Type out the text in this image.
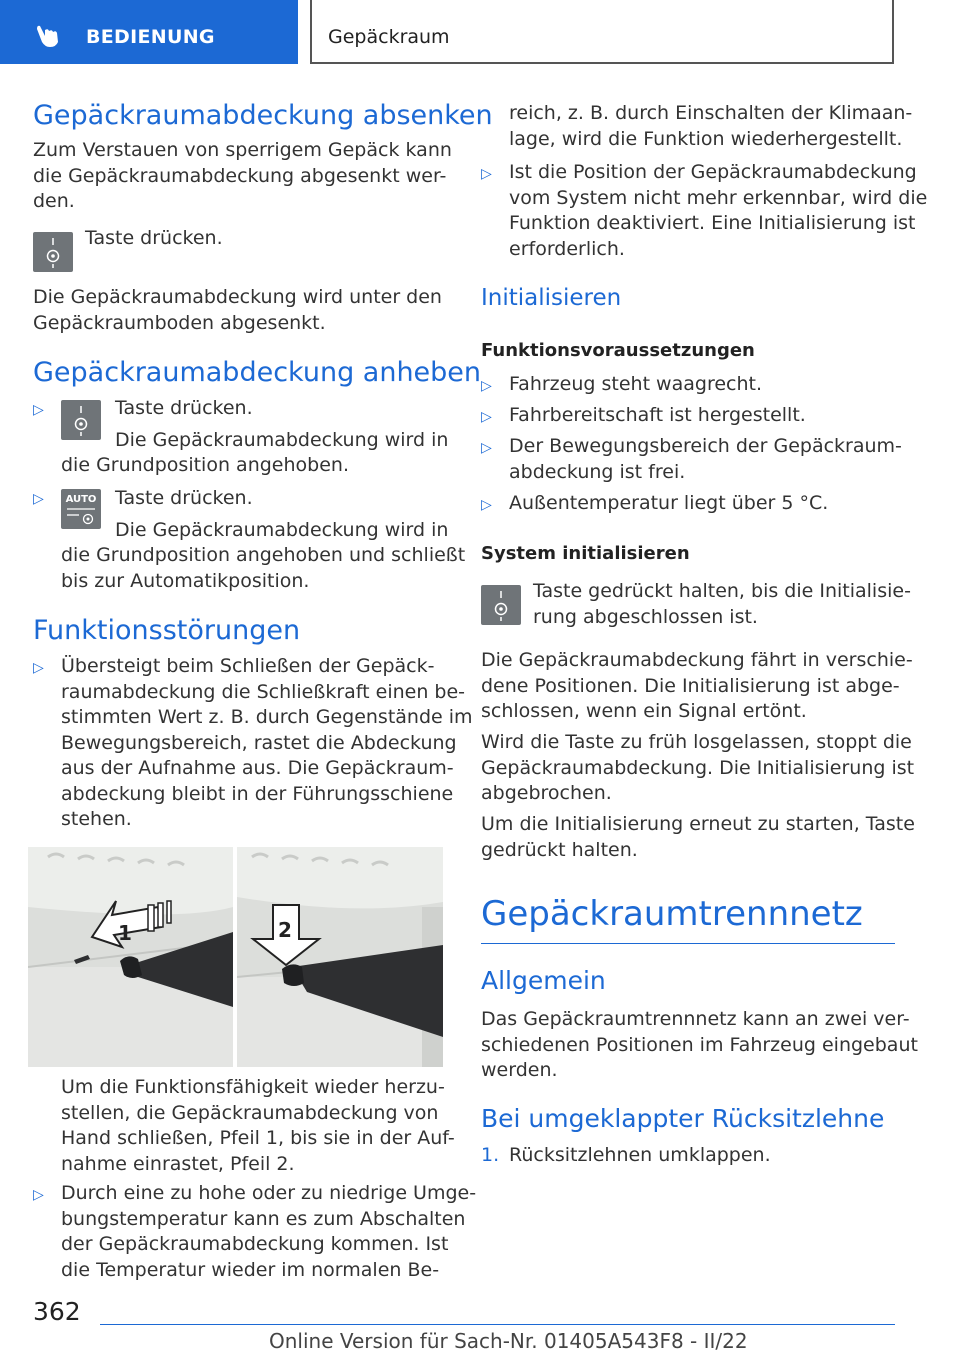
BEDIENUNG	Gepäckraum
Gepäckraumabdeckung absenken

Zum Verstauen von sperrigem Gepäck kann
die Gepäckraumabdeckung abgesenkt wer-
den.

Taste drücken.

Die Gepäckraumabdeckung wird unter den
Gepäckraumboden abgesenkt.

Gepäckraumabdeckung anheben
▷	Taste drücken.

Die Gepäckraumabdeckung wird in

die Grundposition angehoben.

▷ AUTO Taste drücken.

Die Gepäckraumabdeckung wird in

die Grundposition angehoben und schließt
bis zur Automatikposition.

Funktionsstörungen
▷ Übersteigt beim Schließen der Gepäck-
raumabdeckung die Schließkraft einen be-
stimmten Wert z. B. durch Gegenstände im
Bewegungsbereich, rastet die Abdeckung
aus der Aufnahme aus. Die Gepäckraum-
abdeckung bleibt in der Führungsschiene
stehen.

1	2

Um die Funktionsfähigkeit wieder herzu-
stellen, die Gepäckraumabdeckung von
Hand schließen, Pfeil 1, bis sie in der Auf-
nahme einrastet, Pfeil 2.

▷ Durch eine zu hohe oder zu niedrige Umge-
bungstemperatur kann es zum Abschalten
der Gepäckraumabdeckung kommen. Ist
die Temperatur wieder im normalen Be-

reich, z. B. durch Einschalten der Klimaan-
lage, wird die Funktion wiederhergestellt.

▷ Ist die Position der Gepäckraumabdeckung
vom System nicht mehr erkennbar, wird die
Funktion deaktiviert. Eine Initialisierung ist
erforderlich.

Initialisieren
Funktionsvoraussetzungen
▷ Fahrzeug steht waagrecht.

▷ Fahrbereitschaft ist hergestellt.

▷ Der Bewegungsbereich der Gepäckraum-
abdeckung ist frei.

▷ Außentemperatur liegt über 5 °C.

System initialisieren

Taste gedrückt halten, bis die Initialisie-
rung abgeschlossen ist.

Die Gepäckraumabdeckung fährt in verschie-
dene Positionen. Die Initialisierung ist abge-
schlossen, wenn ein Signal ertönt.

Wird die Taste zu früh losgelassen, stoppt die
Gepäckraumabdeckung. Die Initialisierung ist
abgebrochen.

Um die Initialisierung erneut zu starten, Taste
gedrückt halten.

Gepäckraumtrennnetz
Allgemein

Das Gepäckraumtrennnetz kann an zwei ver-
schiedenen Positionen im Fahrzeug eingebaut
werden.

Bei umgeklappter Rücksitzlehne
1. Rücksitzlehnen umklappen.

362
Online Version für Sach-Nr. 01405A543F8 - II/22
